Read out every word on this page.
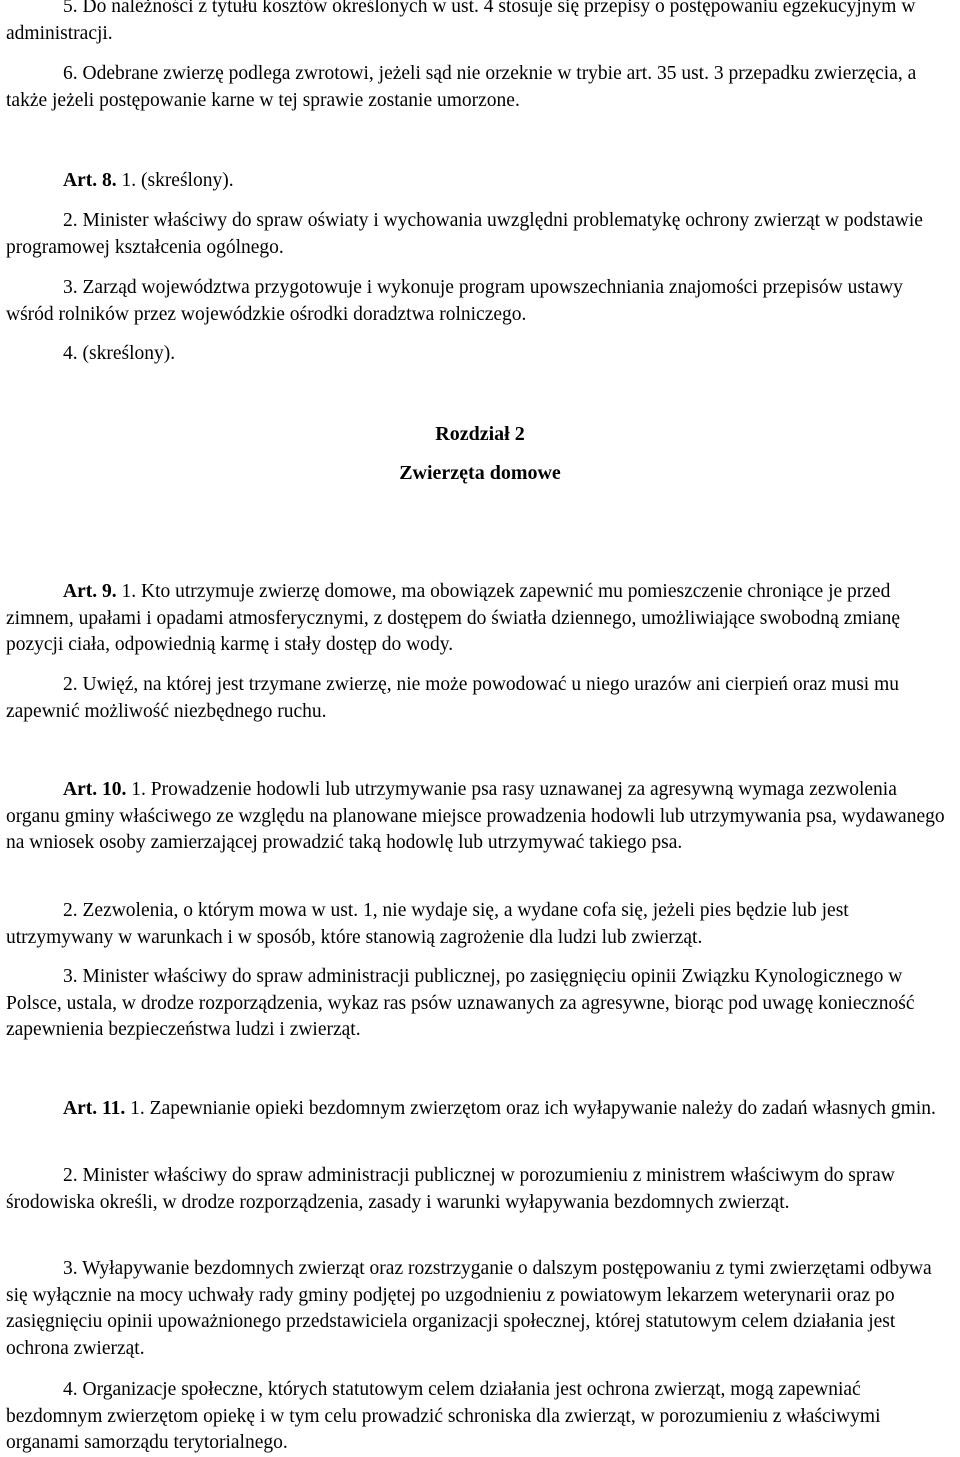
5. Do należności z tytułu kosztów określonych w ust. 4 stosuje się przepisy o postępowaniu egzekucyjnym w administracji.

6. Odebrane zwierzę podlega zwrotowi, jeżeli sąd nie orzeknie w trybie art. 35 ust. 3 przepadku zwierzęcia, a także jeżeli postępowanie karne w tej sprawie zostanie umorzone.

Art. 8. 1. (skreślony).

2. Minister właściwy do spraw oświaty i wychowania uwzględni problematykę ochrony zwierząt w podstawie programowej kształcenia ogólnego.

3. Zarząd województwa przygotowuje i wykonuje program upowszechniania znajomości przepisów ustawy wśród rolników przez wojewódzkie ośrodki doradztwa rolniczego.

4. (skreślony).

Rozdział 2
Zwierzęta domowe

Art. 9. 1. Kto utrzymuje zwierzę domowe, ma obowiązek zapewnić mu pomieszczenie chroniące je przed zimnem, upałami i opadami atmosferycznymi, z dostępem do światła dziennego, umożliwiające swobodną zmianę pozycji ciała, odpowiednią karmę i stały dostęp do wody.

2. Uwięź, na której jest trzymane zwierzę, nie może powodować u niego urazów ani cierpień oraz musi mu zapewnić możliwość niezbędnego ruchu.

Art. 10. 1. Prowadzenie hodowli lub utrzymywanie psa rasy uznawanej za agresywną wymaga zezwolenia organu gminy właściwego ze względu na planowane miejsce prowadzenia hodowli lub utrzymywania psa, wydawanego na wniosek osoby zamierzającej prowadzić taką hodowlę lub utrzymywać takiego psa.

2. Zezwolenia, o którym mowa w ust. 1, nie wydaje się, a wydane cofa się, jeżeli pies będzie lub jest utrzymywany w warunkach i w sposób, które stanowią zagrożenie dla ludzi lub zwierząt.

3. Minister właściwy do spraw administracji publicznej, po zasięgnięciu opinii Związku Kynologicznego w Polsce, ustala, w drodze rozporządzenia, wykaz ras psów uznawanych za agresywne, biorąc pod uwagę konieczność zapewnienia bezpieczeństwa ludzi i zwierząt.

Art. 11. 1. Zapewnianie opieki bezdomnym zwierzętom oraz ich wyłapywanie należy do zadań własnych gmin.

2. Minister właściwy do spraw administracji publicznej w porozumieniu z ministrem właściwym do spraw środowiska określi, w drodze rozporządzenia, zasady i warunki wyłapywania bezdomnych zwierząt.

3. Wyłapywanie bezdomnych zwierząt oraz rozstrzyganie o dalszym postępowaniu z tymi zwierzętami odbywa się wyłącznie na mocy uchwały rady gminy podjętej po uzgodnieniu z powiatowym lekarzem weterynarii oraz po zasięgnięciu opinii upoważnionego przedstawiciela organizacji społecznej, której statutowym celem działania jest ochrona zwierząt.

4. Organizacje społeczne, których statutowym celem działania jest ochrona zwierząt, mogą zapewniać bezdomnym zwierzętom opiekę i w tym celu prowadzić schroniska dla zwierząt, w porozumieniu z właściwymi organami samorządu terytorialnego.
